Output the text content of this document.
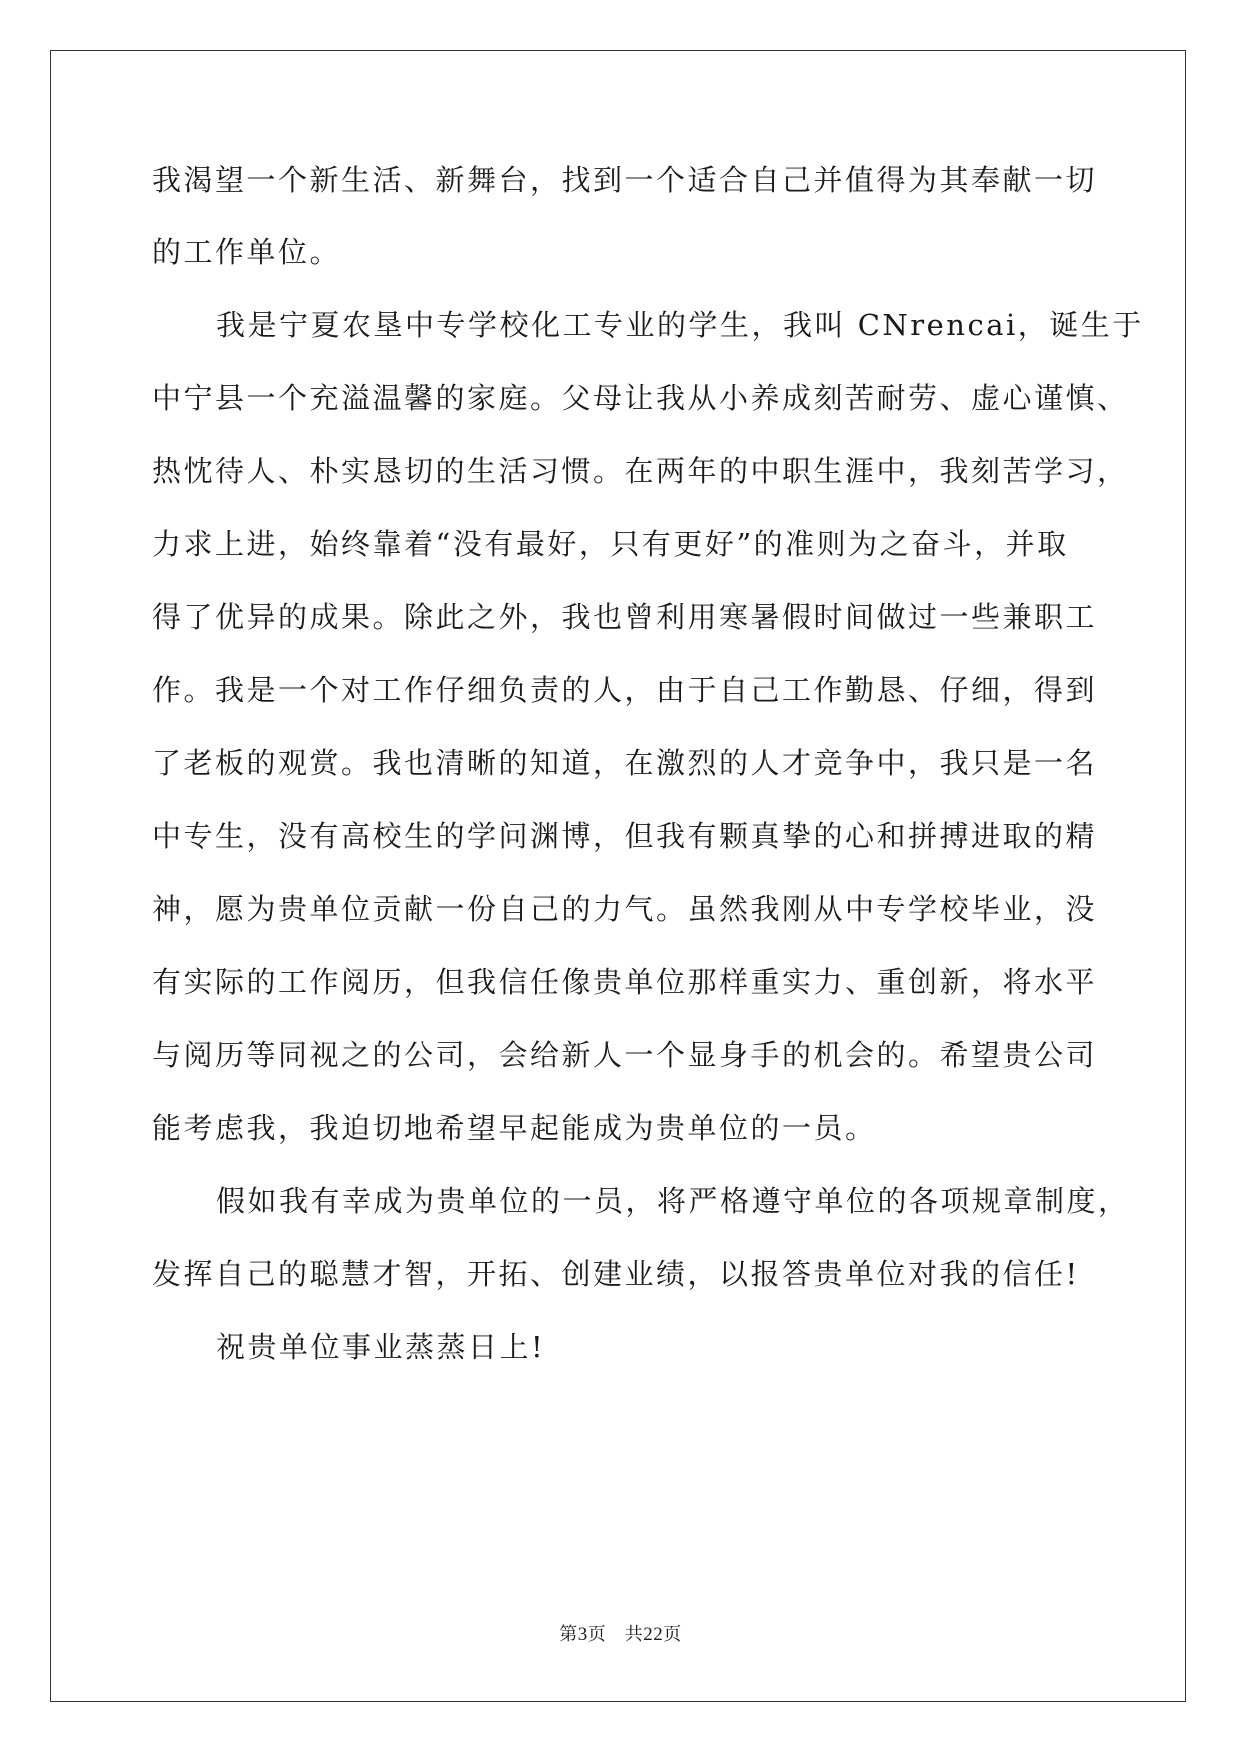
我渴望一个新生活、新舞台，找到一个适合自己并值得为其奉献一切
的工作单位。
我是宁夏农垦中专学校化工专业的学生，我叫 CNrencai，诞生于
中宁县一个充溢温馨的家庭。父母让我从小养成刻苦耐劳、虚心谨慎、
热忱待人、朴实恳切的生活习惯。在两年的中职生涯中，我刻苦学习，
力求上进，始终靠着“没有最好，只有更好”的准则为之奋斗，并取
得了优异的成果。除此之外，我也曾利用寒暑假时间做过一些兼职工
作。我是一个对工作仔细负责的人，由于自己工作勤恳、仔细，得到
了老板的观赏。我也清晰的知道，在激烈的人才竞争中，我只是一名
中专生，没有高校生的学问渊博，但我有颗真挚的心和拼搏进取的精
神，愿为贵单位贡献一份自己的力气。虽然我刚从中专学校毕业，没
有实际的工作阅历，但我信任像贵单位那样重实力、重创新，将水平
与阅历等同视之的公司，会给新人一个显身手的机会的。希望贵公司
能考虑我，我迫切地希望早起能成为贵单位的一员。
假如我有幸成为贵单位的一员，将严格遵守单位的各项规章制度，
发挥自己的聪慧才智，开拓、创建业绩，以报答贵单位对我的信任!
祝贵单位事业蒸蒸日上!
第3页　共22页
